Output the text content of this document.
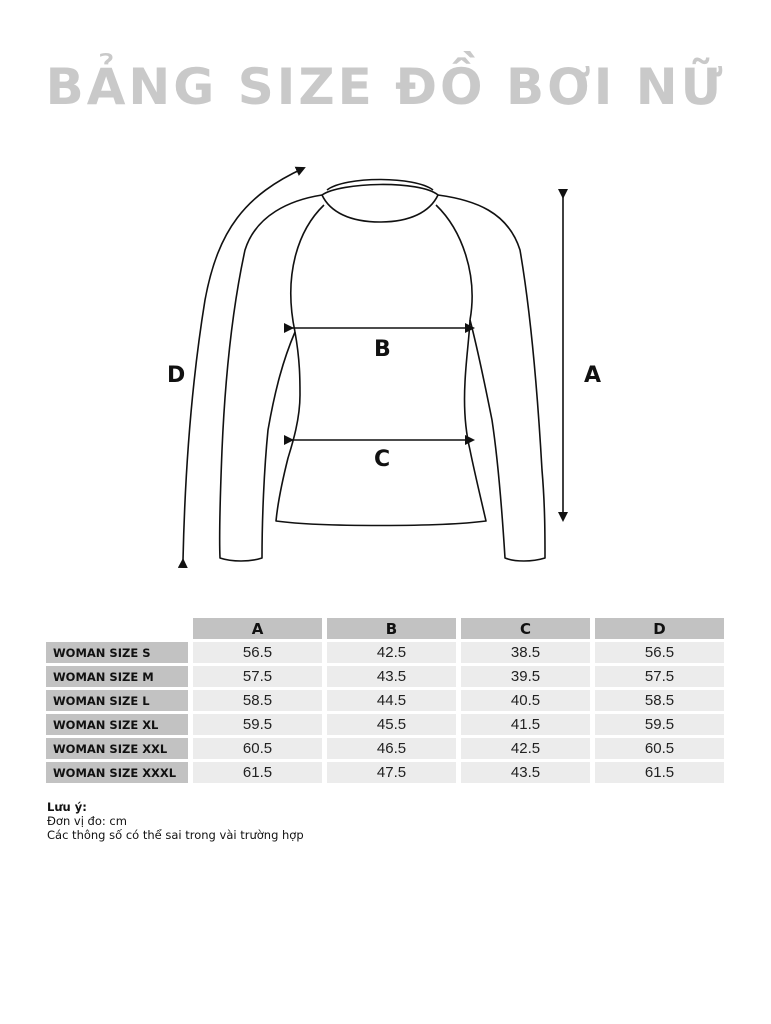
BẢNG SIZE ĐỒ BƠI NỮ
A
B
C
D
	A	B	C	D
WOMAN SIZE S	56.5	42.5	38.5	56.5
WOMAN SIZE M	57.5	43.5	39.5	57.5
WOMAN SIZE L	58.5	44.5	40.5	58.5
WOMAN SIZE XL	59.5	45.5	41.5	59.5
WOMAN SIZE XXL	60.5	46.5	42.5	60.5
WOMAN SIZE XXXL	61.5	47.5	43.5	61.5
Lưu ý:
Đơn vị đo: cm
Các thông số có thể sai trong vài trường hợp
